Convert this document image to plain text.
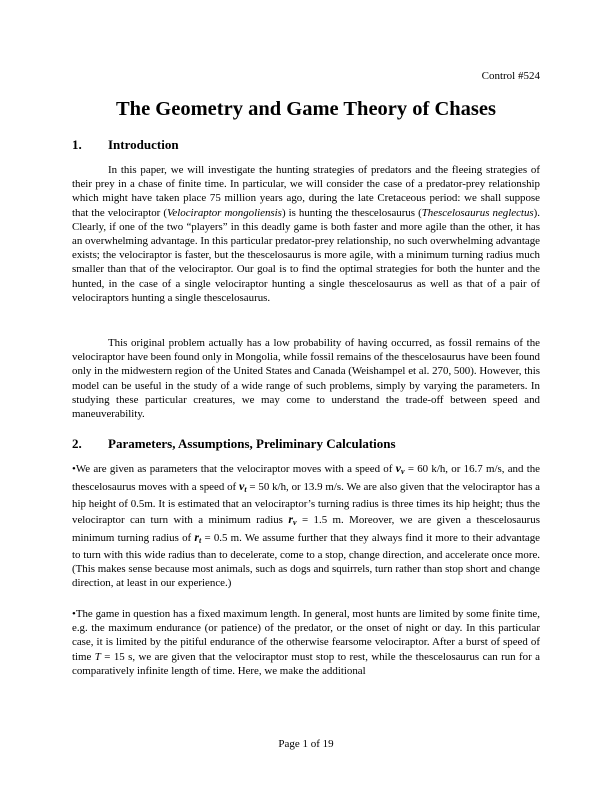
Control #524
The Geometry and Game Theory of Chases
1. Introduction
In this paper, we will investigate the hunting strategies of predators and the fleeing strategies of their prey in a chase of finite time. In particular, we will consider the case of a predator-prey relationship which might have taken place 75 million years ago, during the late Cretaceous period: we shall suppose that the velociraptor (Velociraptor mongoliensis) is hunting the thescelosaurus (Thescelosaurus neglectus). Clearly, if one of the two “players” in this deadly game is both faster and more agile than the other, it has an overwhelming advantage. In this particular predator-prey relationship, no such overwhelming advantage exists; the velociraptor is faster, but the thescelosaurus is more agile, with a minimum turning radius much smaller than that of the velociraptor. Our goal is to find the optimal strategies for both the hunter and the hunted, in the case of a single velociraptor hunting a single thescelosaurus as well as that of a pair of velociraptors hunting a single thescelosaurus.
This original problem actually has a low probability of having occurred, as fossil remains of the velociraptor have been found only in Mongolia, while fossil remains of the thescelosaurus have been found only in the midwestern region of the United States and Canada (Weishampel et al. 270, 500). However, this model can be useful in the study of a wide range of such problems, simply by varying the parameters. In studying these particular creatures, we may come to understand the trade-off between speed and maneuverability.
2. Parameters, Assumptions, Preliminary Calculations
•We are given as parameters that the velociraptor moves with a speed of $v_v = 60$ k/h, or 16.7 m/s, and the thescelosaurus moves with a speed of $v_t = 50$ k/h, or 13.9 m/s. We are also given that the velociraptor has a hip height of 0.5m. It is estimated that an velociraptor’s turning radius is three times its hip height; thus the velociraptor can turn with a minimum radius $r_v = 1.5$ m. Moreover, we are given a thescelosaurus minimum turning radius of $r_t = 0.5$ m. We assume further that they always find it more to their advantage to turn with this wide radius than to decelerate, come to a stop, change direction, and accelerate once more. (This makes sense because most animals, such as dogs and squirrels, turn rather than stop short and change direction, at least in our experience.)
•The game in question has a fixed maximum length. In general, most hunts are limited by some finite time, e.g. the maximum endurance (or patience) of the predator, or the onset of night or day. In this particular case, it is limited by the pitiful endurance of the otherwise fearsome velociraptor. After a burst of speed of time T = 15 s, we are given that the velociraptor must stop to rest, while the thescelosaurus can run for a comparatively infinite length of time. Here, we make the additional
Page 1 of 19
